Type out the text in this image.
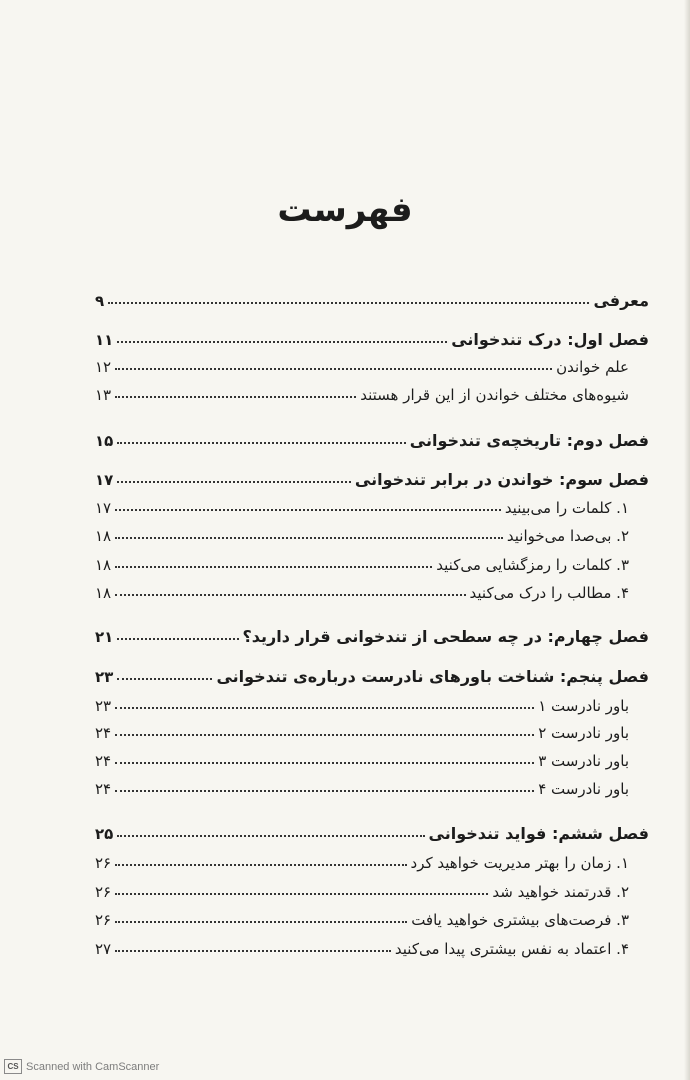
فهرست
معرفی
۹
فصل اول: درک تندخوانی
۱۱
علم خواندن
۱۲
شیوه‌های مختلف خواندن از این قرار هستند
۱۳
فصل دوم: تاریخچه‌ی تندخوانی
۱۵
فصل سوم: خواندن در برابر تندخوانی
۱۷
۱. کلمات را می‌بینید
۱۷
۲. بی‌صدا می‌خوانید
۱۸
۳. کلمات را رمزگشایی می‌کنید
۱۸
۴. مطالب را درک می‌کنید
۱۸
فصل چهارم: در چه سطحی از تندخوانی قرار دارید؟
۲۱
فصل پنجم: شناخت باورهای نادرست درباره‌ی تندخوانی
۲۳
باور نادرست ۱
۲۳
باور نادرست ۲
۲۴
باور نادرست ۳
۲۴
باور نادرست ۴
۲۴
فصل ششم: فواید تندخوانی
۲۵
۱. زمان را بهتر مدیریت خواهید کرد
۲۶
۲. قدرتمند خواهید شد
۲۶
۳. فرصت‌های بیشتری خواهید یافت
۲۶
۴. اعتماد به نفس بیشتری پیدا می‌کنید
۲۷
CS Scanned with CamScanner
